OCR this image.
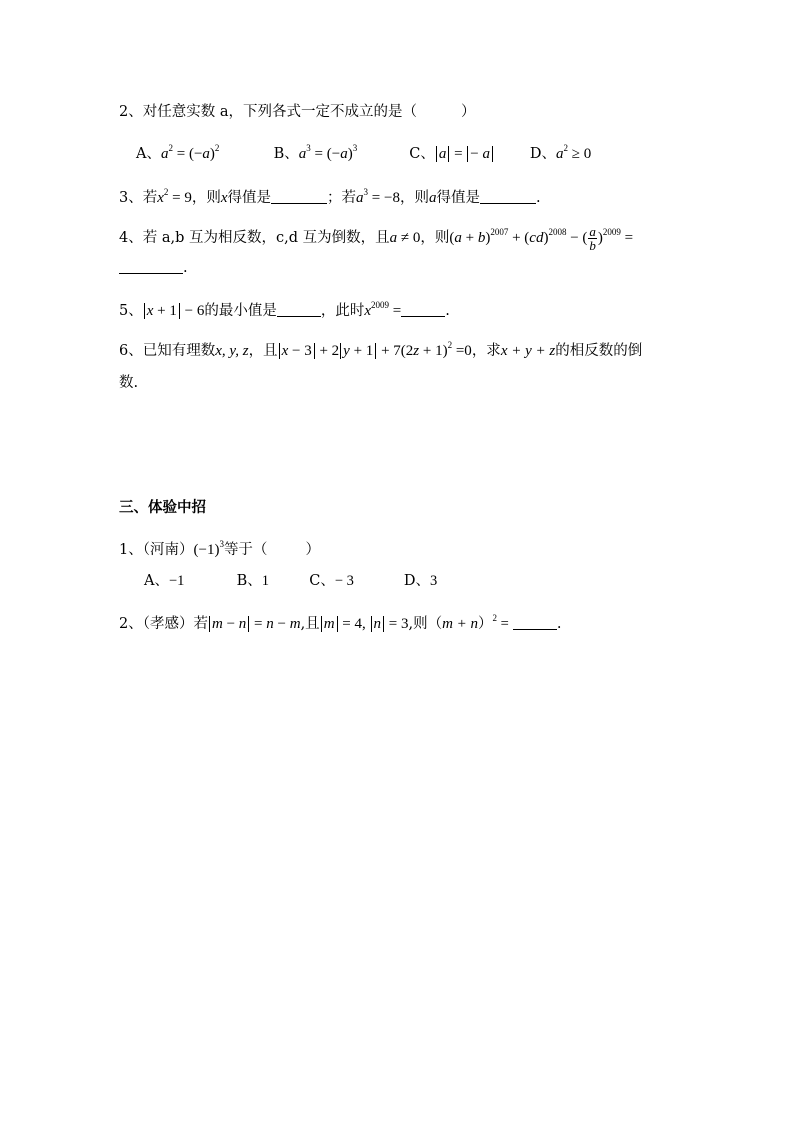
2、对任意实数 a，下列各式一定不成立的是（	）
A、$a^2 = (-a)^2$	B、$a^3 = (-a)^3$	C、 a = − a	D、$a^2 \ge 0$
3、若$x^2 = 9$，则x得值是	；若$a^3 = -8$，则a得值是	.
4、若 a,b 互为相反数，c,d 互为倒数，且a ≠ 0，则$(a + b)^{2007} + (cd)^{2008}$ − ( $\frac{a}{b} )^{2009}$ =
.
5、 x + 1 − 6的最小值是	，此时$x^{2009}$ =	.
6、已知有理数x, y, z，且 x − 3 + 2 $y + 1 + 7(2z + 1)^2 =0$，求x + y + z的相反数的倒
数.
三、体验中招
1、（河南）$(-1)^3$等于（	）
A、−1	B、1	C、− 3	D、3
2、（孝感）若 m − n = n − m,且 m = 4, n = 3,则$(m + n)^2$ =	.
